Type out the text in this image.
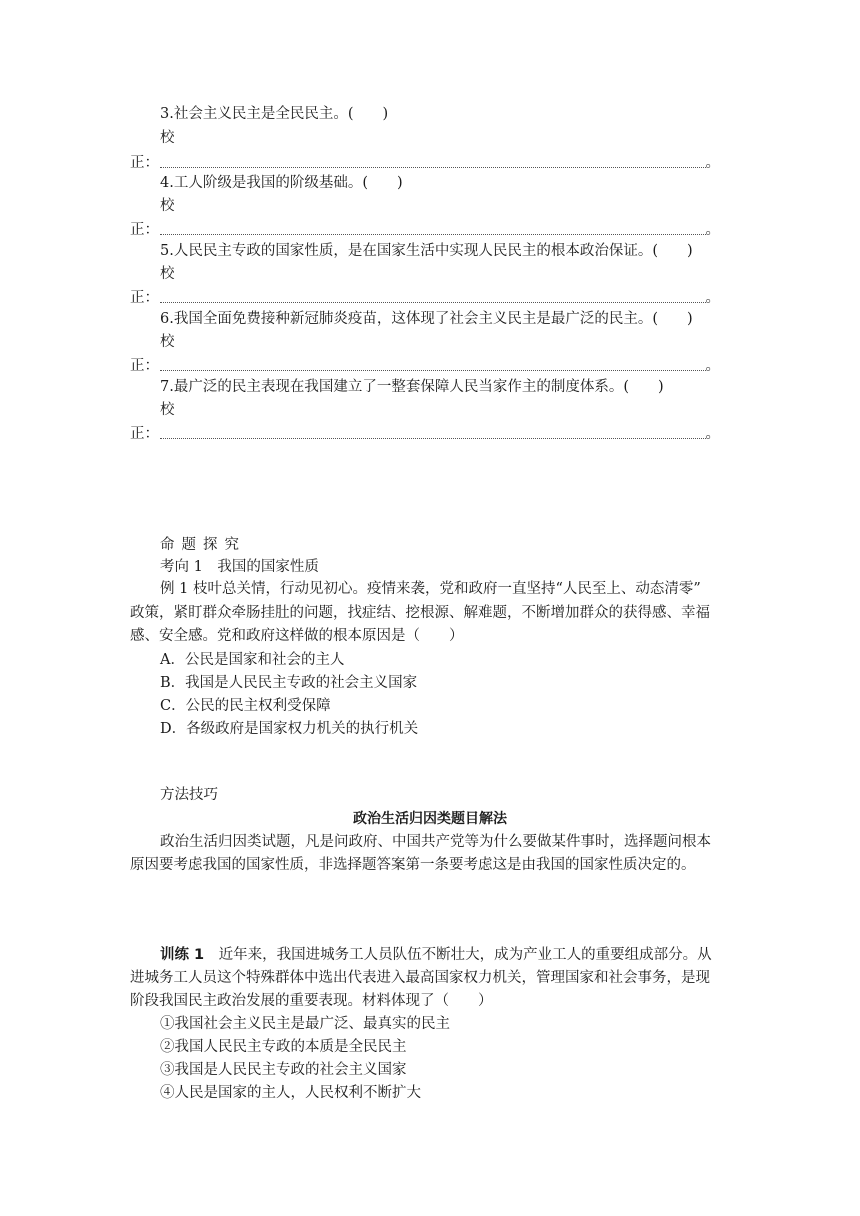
3.社会主义民主是全民民主。(　　)
校
正：	。
4.工人阶级是我国的阶级基础。(　　)
校
正：	。
5.人民民主专政的国家性质，是在国家生活中实现人民民主的根本政治保证。(　　)
校
正：	。
6.我国全面免费接种新冠肺炎疫苗，这体现了社会主义民主是最广泛的民主。(　　)
校
正：	。
7.最广泛的民主表现在我国建立了一整套保障人民当家作主的制度体系。(　　)
校
正：	。
命题探究
考向 1　我国的国家性质
例 1 枝叶总关情，行动见初心。疫情来袭，党和政府一直坚持“人民至上、动态清零”
政策，紧盯群众牵肠挂肚的问题，找症结、挖根源、解难题，不断增加群众的获得感、幸福
感、安全感。党和政府这样做的根本原因是（　　）
A．公民是国家和社会的主人
B．我国是人民民主专政的社会主义国家
C．公民的民主权利受保障
D．各级政府是国家权力机关的执行机关
方法技巧
政治生活归因类题目解法
政治生活归因类试题，凡是问政府、中国共产党等为什么要做某件事时，选择题问根本
原因要考虑我国的国家性质，非选择题答案第一条要考虑这是由我国的国家性质决定的。
训练 1　近年来，我国进城务工人员队伍不断壮大，成为产业工人的重要组成部分。从
进城务工人员这个特殊群体中选出代表进入最高国家权力机关，管理国家和社会事务，是现
阶段我国民主政治发展的重要表现。材料体现了（　　）
①我国社会主义民主是最广泛、最真实的民主
②我国人民民主专政的本质是全民民主
③我国是人民民主专政的社会主义国家
④人民是国家的主人，人民权利不断扩大
